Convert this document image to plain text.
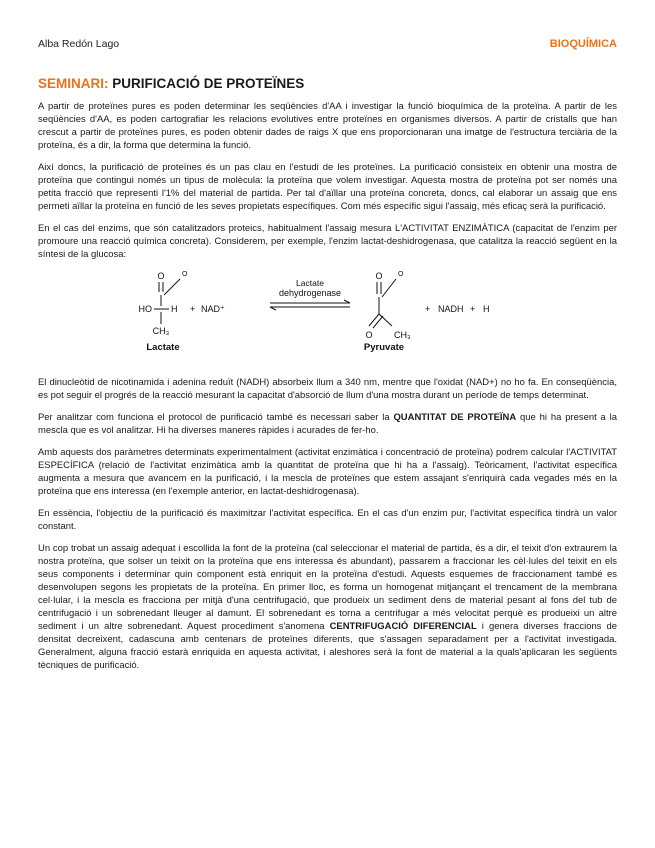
Alba Redón Lago	BIOQUÍMICA
SEMINARI: PURIFICACIÓ DE PROTEÏNES

A partir de proteïnes pures es poden determinar les seqüències d'AA i investigar la funció bioquímica de la proteïna. A partir de les seqüències d'AA, es poden cartografiar les relacions evolutives entre proteïnes en organismes diversos. A partir de cristalls que han crescut a partir de proteïnes pures, es poden obtenir dades de raigs X que ens proporcionaran una imatge de l'estructura terciària de la proteïna, és a dir, la forma que determina la funció.

Així doncs, la purificació de proteïnes és un pas clau en l'estudi de les proteïnes. La purificació consisteix en obtenir una mostra de proteïna que contingui només un tipus de molècula: la proteïna que volem investigar. Aquesta mostra de proteïna pot ser només una petita fracció que representi l'1% del material de partida. Per tal d'aïllar una proteïna concreta, doncs, cal elaborar un assaig que ens permeti aïllar la proteïna en funció de les seves propietats específiques. Com més específic sigui l'assaig, més eficaç serà la purificació.

En el cas del enzims, que són catalitzadors proteics, habitualment l'assaig mesura L'ACTIVITAT ENZIMÀTICA (capacitat de l'enzim per promoure una reacció química concreta). Considerem, per exemple, l'enzim lactat-deshidrogenasa, que catalitza la reacció següent en la síntesi de la glucosa:

O O
HO H + NAD⁺
CH₃
Lactate
Lactate
dehydrogenase
O O
O CH₃
Pyruvate
+ NADH + H

El dinucleòtid de nicotinamida i adenina reduït (NADH) absorbeix llum a 340 nm, mentre que l'oxidat (NAD+) no ho fa. En conseqüència, es pot seguir el progrés de la reacció mesurant la capacitat d'absorció de llum d'una mostra durant un període de temps determinat.

Per analitzar com funciona el protocol de purificació també és necessari saber la QUANTITAT DE PROTEÏNA que hi ha present a la mescla que es vol analitzar. Hi ha diverses maneres ràpides i acurades de fer-ho.

Amb aquests dos paràmetres determinats experimentalment (activitat enzimàtica i concentració de proteïna) podrem calcular l'ACTIVITAT ESPECÍFICA (relació de l'activitat enzimàtica amb la quantitat de proteïna que hi ha a l'assaig). Teòricament, l'activitat específica augmenta a mesura que avancem en la purificació, i la mescla de proteïnes que estem assajant s'enriquirà cada vegades més en la proteïna que ens interessa (en l'exemple anterior, en lactat-deshidrogenasa).

En essència, l'objectiu de la purificació és maximitzar l'activitat específica. En el cas d'un enzim pur, l'activitat específica tindrà un valor constant.

Un cop trobat un assaig adequat i escollida la font de la proteïna (cal seleccionar el material de partida, és a dir, el teixit d'on extraurem la nostra proteïna, que solser un teixit on la proteïna que ens interessa és abundant), passarem a fraccionar les cèl·lules del teixit en els seus components i determinar quin component està enriquit en la proteïna d'estudi. Aquests esquemes de fraccionament també es desenvolupen segons les propietats de la proteïna. En primer lloc, es forma un homogenat mitjançant el trencament de la membrana cel·lular, i la mescla es fracciona per mitjà d'una centrifugació, que produeix un sediment dens de material pesant al fons del tub de centrifugació i un sobrenedant lleuger al damunt. El sobrenedant es torna a centrifugar a més velocitat perquè es produeixi un altre sediment i un altre sobrenedant. Aquest procediment s'anomena CENTRIFUGACIÓ DIFERENCIAL i genera diverses fraccions de densitat decreixent, cadascuna amb centenars de proteïnes diferents, que s'assagen separadament per a l'activitat investigada. Generalment, alguna fracció estarà enriquida en aquesta activitat, i aleshores serà la font de material a la quals'aplicaran les següents tècniques de purificació.
